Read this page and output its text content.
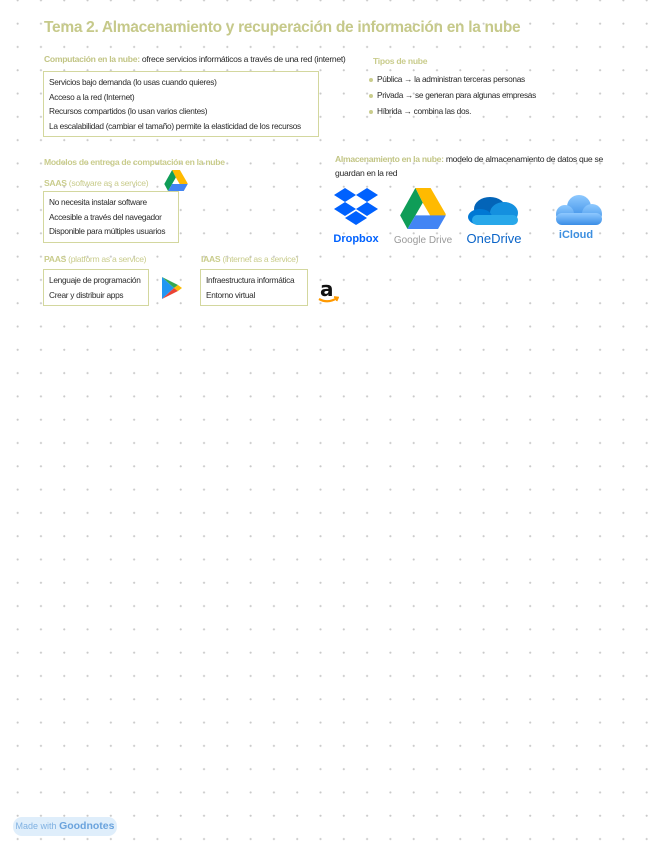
Tema 2. Almacenamiento y recuperación de información en la nube
Computación en la nube: ofrece servicios informáticos a través de una red (internet)
Servicios bajo demanda (lo usas cuando quieres)
Acceso a la red (Internet)
Recursos compartidos (lo usan varios clientes)
La escalabilidad (cambiar el tamaño) permite la elasticidad de los recursos
Tipos de nube
Pública → la administran terceras personas
Privada → se generan para algunas empresas
Híbrida → combina las dos.
Modelos de entrega de computación en la nube
SAAS (software as a service)
No necesita instalar software
Accesible a través del navegador
Disponible para múltiples usuarios
PAAS (platform as a service)
Lenguaje de programación
Crear y distribuir apps
IAAS (internet as a service)
Infraestructura informática
Entorno virtual	a
Almacenamiento en la nube: modelo de almacenamiento de datos que se
guardan en la red
Dropbox	Google Drive	OneDrive	iCloud
Made with Goodnotes
